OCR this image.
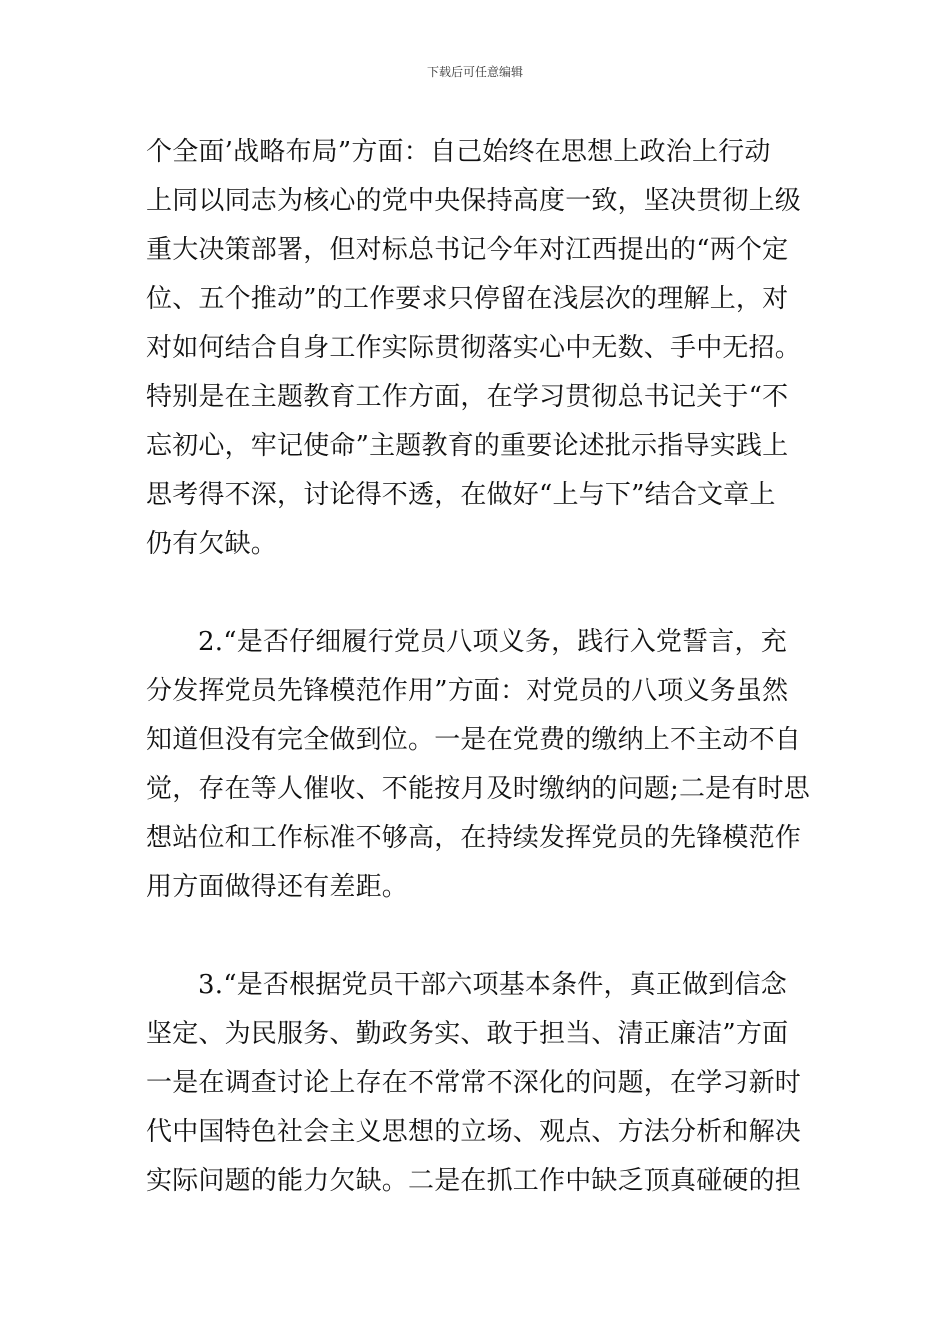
下载后可任意编辑
个全面’战略布局”方面：自己始终在思想上政治上行动
上同以同志为核心的党中央保持高度一致，坚决贯彻上级
重大决策部署，但对标总书记今年对江西提出的“两个定
位、五个推动”的工作要求只停留在浅层次的理解上，对
对如何结合自身工作实际贯彻落实心中无数、手中无招。
特别是在主题教育工作方面，在学习贯彻总书记关于“不
忘初心，牢记使命”主题教育的重要论述批示指导实践上
思考得不深，讨论得不透，在做好“上与下”结合文章上
仍有欠缺。
2.“是否仔细履行党员八项义务，践行入党誓言，充
分发挥党员先锋模范作用”方面：对党员的八项义务虽然
知道但没有完全做到位。一是在党费的缴纳上不主动不自
觉，存在等人催收、不能按月及时缴纳的问题;二是有时思
想站位和工作标准不够高，在持续发挥党员的先锋模范作
用方面做得还有差距。
3.“是否根据党员干部六项基本条件，真正做到信念
坚定、为民服务、勤政务实、敢于担当、清正廉洁”方面
一是在调查讨论上存在不常常不深化的问题，在学习新时
代中国特色社会主义思想的立场、观点、方法分析和解决
实际问题的能力欠缺。二是在抓工作中缺乏顶真碰硬的担
